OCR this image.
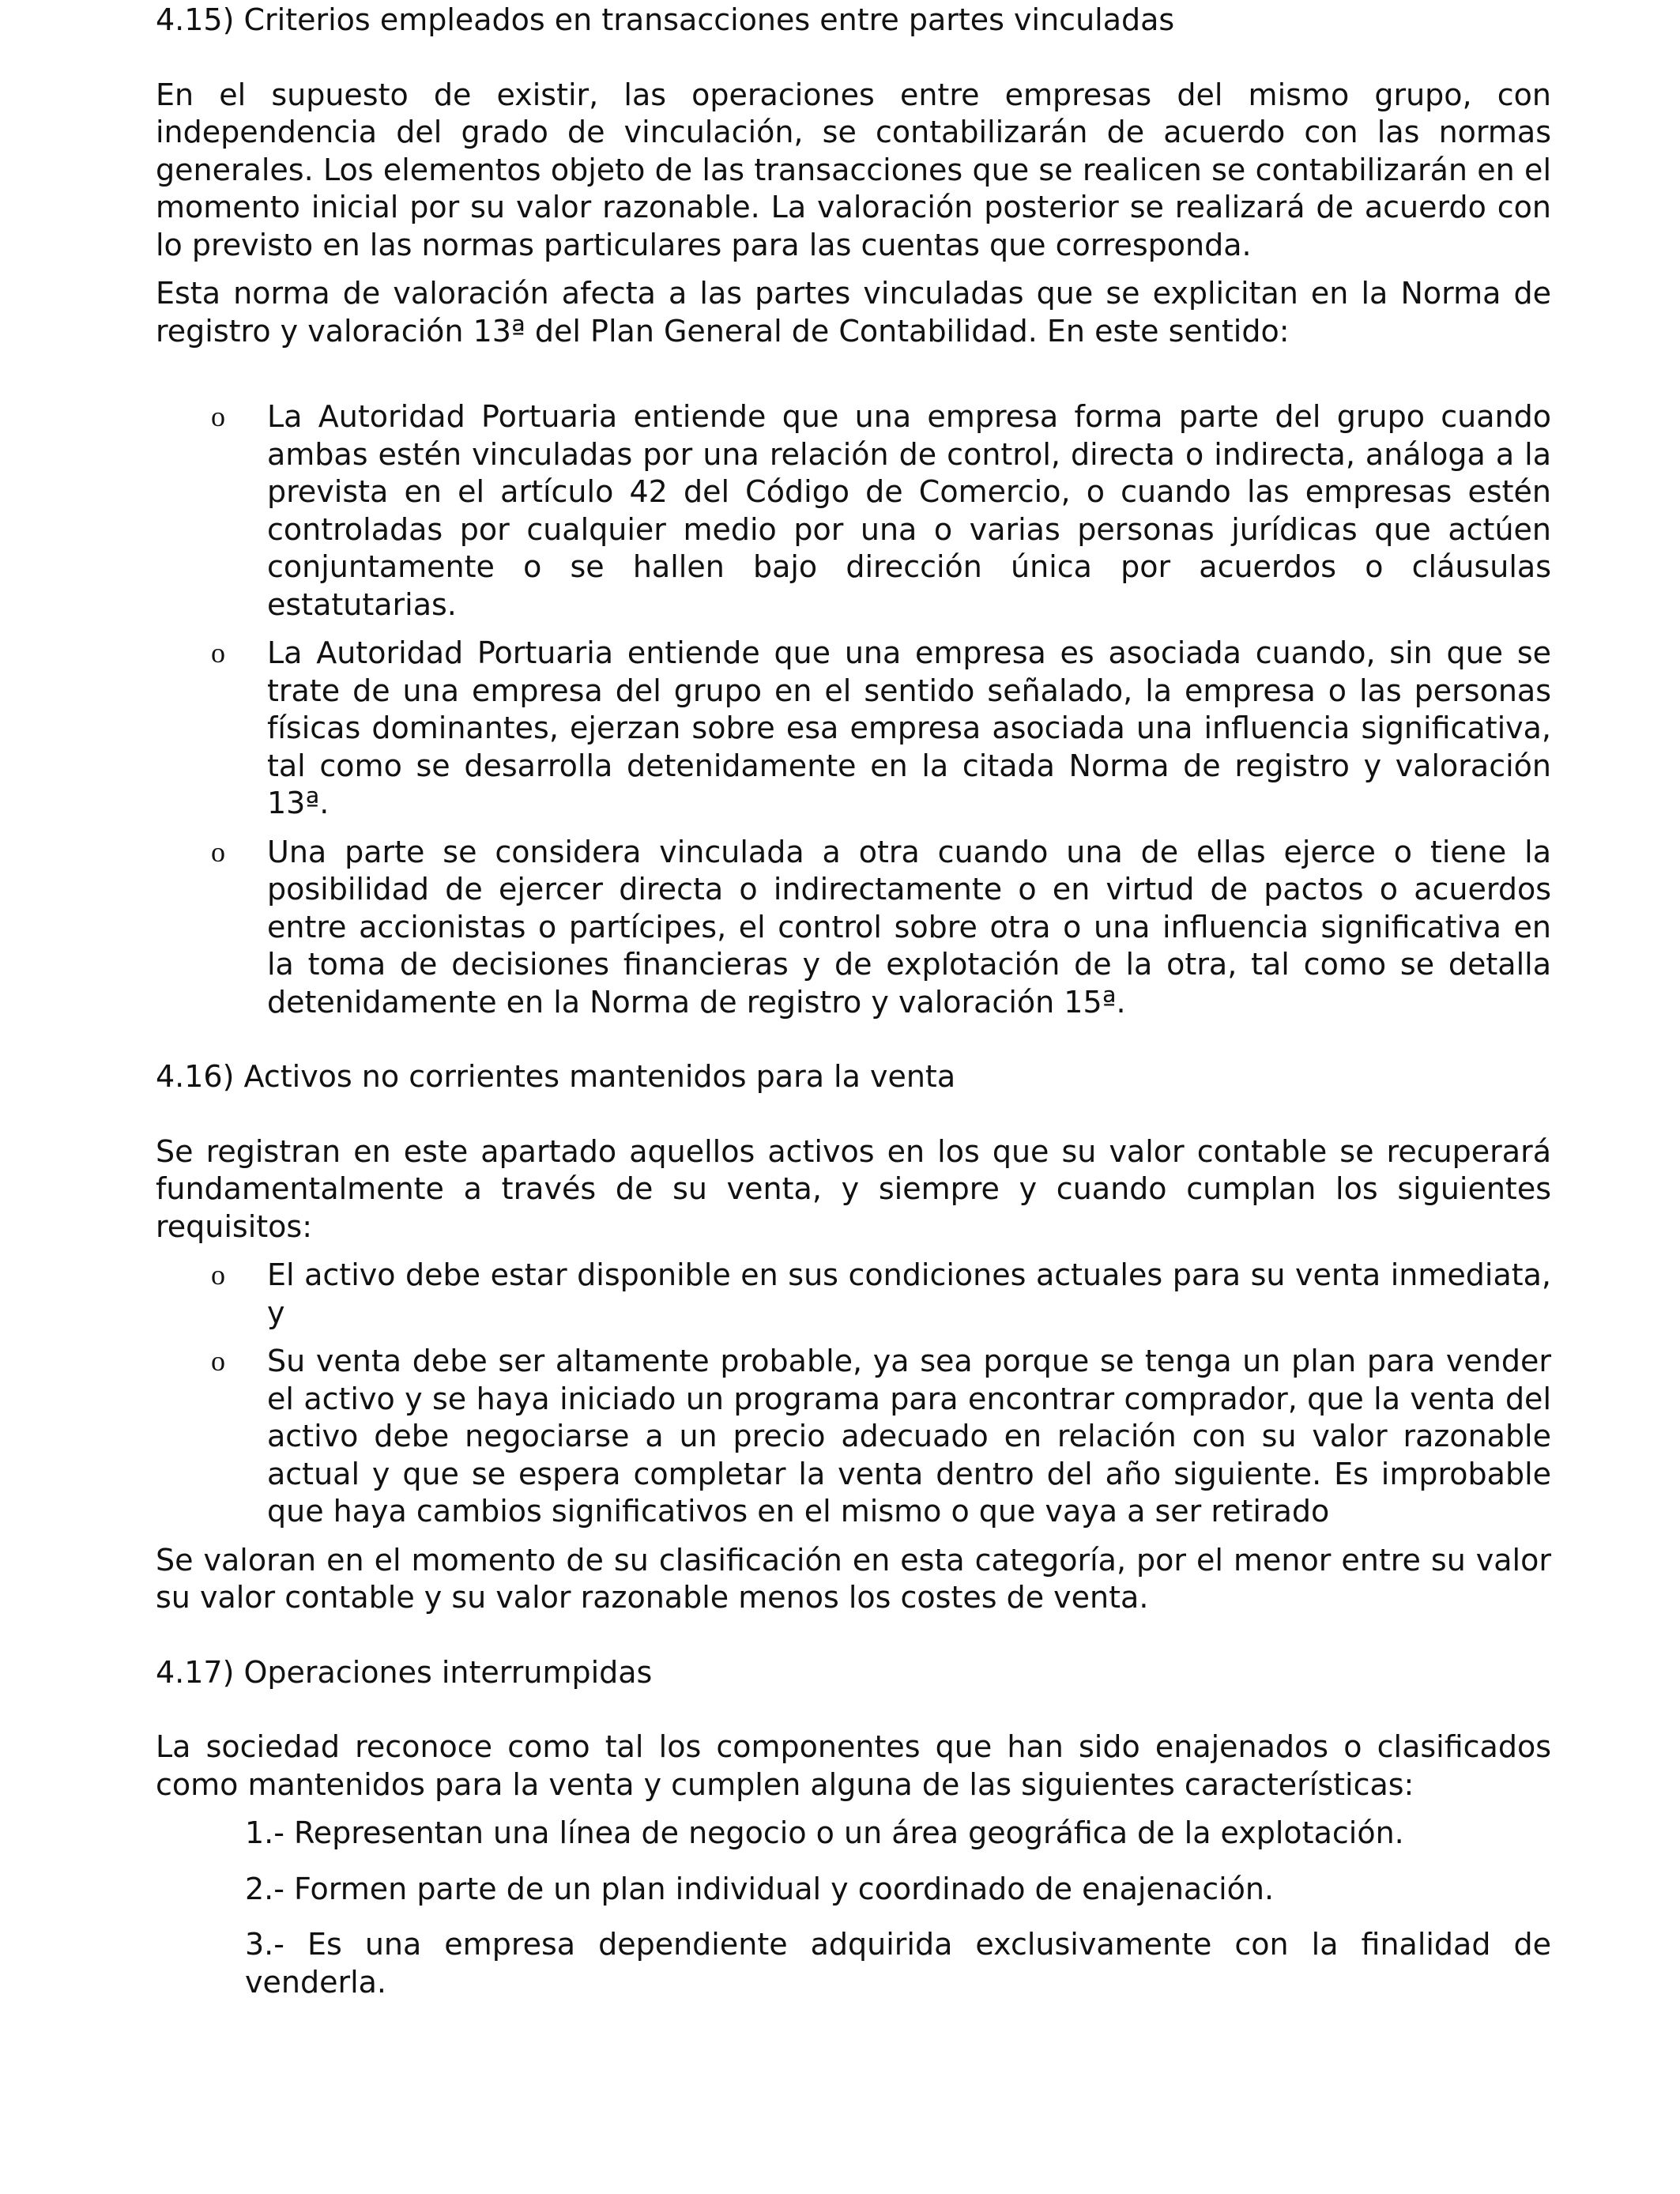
4.15) Criterios empleados en transacciones entre partes vinculadas

En el supuesto de existir, las operaciones entre empresas del mismo grupo, con independencia del grado de vinculación, se contabilizarán de acuerdo con las normas generales. Los elementos objeto de las transacciones que se realicen se contabilizarán en el momento inicial por su valor razonable. La valoración posterior se realizará de acuerdo con lo previsto en las normas particulares para las cuentas que corresponda.

Esta norma de valoración afecta a las partes vinculadas que se explicitan en la Norma de registro y valoración 13ª del Plan General de Contabilidad. En este sentido:

o La Autoridad Portuaria entiende que una empresa forma parte del grupo cuando ambas estén vinculadas por una relación de control, directa o indirecta, análoga a la prevista en el artículo 42 del Código de Comercio, o cuando las empresas estén controladas por cualquier medio por una o varias personas jurídicas que actúen conjuntamente o se hallen bajo dirección única por acuerdos o cláusulas estatutarias.
o La Autoridad Portuaria entiende que una empresa es asociada cuando, sin que se trate de una empresa del grupo en el sentido señalado, la empresa o las personas físicas dominantes, ejerzan sobre esa empresa asociada una influencia significativa, tal como se desarrolla detenidamente en la citada Norma de registro y valoración 13ª.
o Una parte se considera vinculada a otra cuando una de ellas ejerce o tiene la posibilidad de ejercer directa o indirectamente o en virtud de pactos o acuerdos entre accionistas o partícipes, el control sobre otra o una influencia significativa en la toma de decisiones financieras y de explotación de la otra, tal como se detalla detenidamente en la Norma de registro y valoración 15ª.
4.16) Activos no corrientes mantenidos para la venta

Se registran en este apartado aquellos activos en los que su valor contable se recuperará fundamentalmente a través de su venta, y siempre y cuando cumplan los siguientes requisitos:

o El activo debe estar disponible en sus condiciones actuales para su venta inmediata, y
o Su venta debe ser altamente probable, ya sea porque se tenga un plan para vender el activo y se haya iniciado un programa para encontrar comprador, que la venta del activo debe negociarse a un precio adecuado en relación con su valor razonable actual y que se espera completar la venta dentro del año siguiente. Es improbable que haya cambios significativos en el mismo o que vaya a ser retirado

Se valoran en el momento de su clasificación en esta categoría, por el menor entre su valor su valor contable y su valor razonable menos los costes de venta.

4.17) Operaciones interrumpidas

La sociedad reconoce como tal los componentes que han sido enajenados o clasificados como mantenidos para la venta y cumplen alguna de las siguientes características:

1.- Representan una línea de negocio o un área geográfica de la explotación.
2.- Formen parte de un plan individual y coordinado de enajenación.
3.- Es una empresa dependiente adquirida exclusivamente con la finalidad de venderla.
